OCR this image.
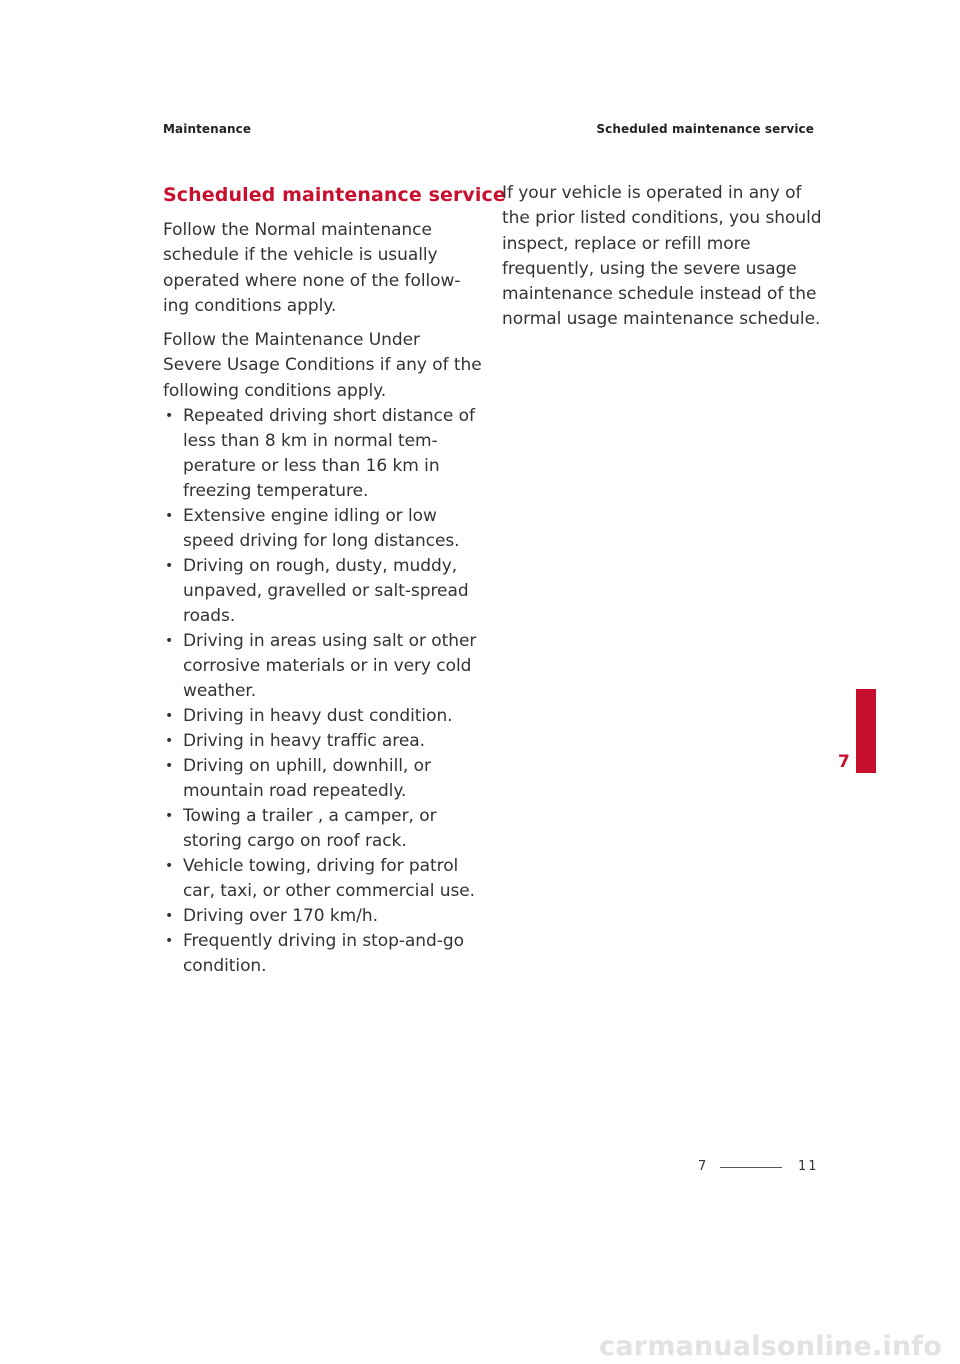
Maintenance	Scheduled maintenance service
Scheduled maintenance service

Follow the Normal maintenance schedule if the vehicle is usually operated where none of the follow-ing conditions apply.

Follow the Maintenance Under Severe Usage Conditions if any of the following conditions apply.

• Repeated driving short distance of less than 8 km in normal tem-perature or less than 16 km in freezing temperature.
• Extensive engine idling or low speed driving for long distances.
• Driving on rough, dusty, muddy, unpaved, gravelled or salt-spread roads.
• Driving in areas using salt or other corrosive materials or in very cold weather.
• Driving in heavy dust condition.
• Driving in heavy traffic area.
• Driving on uphill, downhill, or mountain road repeatedly.
• Towing a trailer , a camper, or storing cargo on roof rack.
• Vehicle towing, driving for patrol car, taxi, or other commercial use.
• Driving over 170 km/h.
• Frequently driving in stop-and-go condition.

If your vehicle is operated in any of the prior listed conditions, you should inspect, replace or refill more frequently, using the severe usage maintenance schedule instead of the normal usage maintenance schedule.

7
7	11
carmanualsonline.info
